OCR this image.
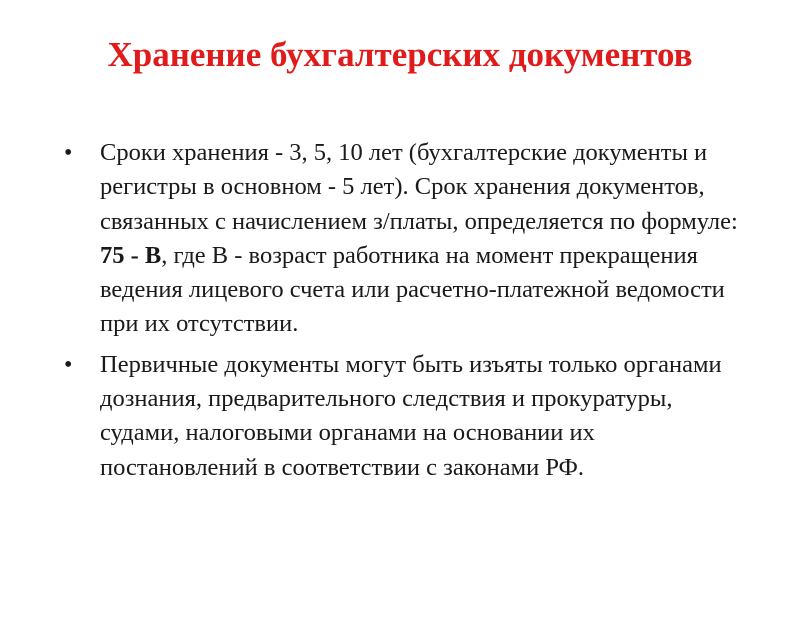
Хранение бухгалтерских документов
•	Сроки хранения - 3, 5, 10 лет (бухгалтерские документы и регистры в основном - 5 лет). Срок хранения документов, связанных с начислением з/платы, определяется по формуле: 75 - В, где В - возраст работника на момент прекращения ведения лицевого счета или расчетно-платежной ведомости при их отсутствии.
•	Первичные документы могут быть изъяты только органами дознания, предварительного следствия и прокуратуры, судами, налоговыми органами на основании их постановлений в соответствии с законами РФ.
